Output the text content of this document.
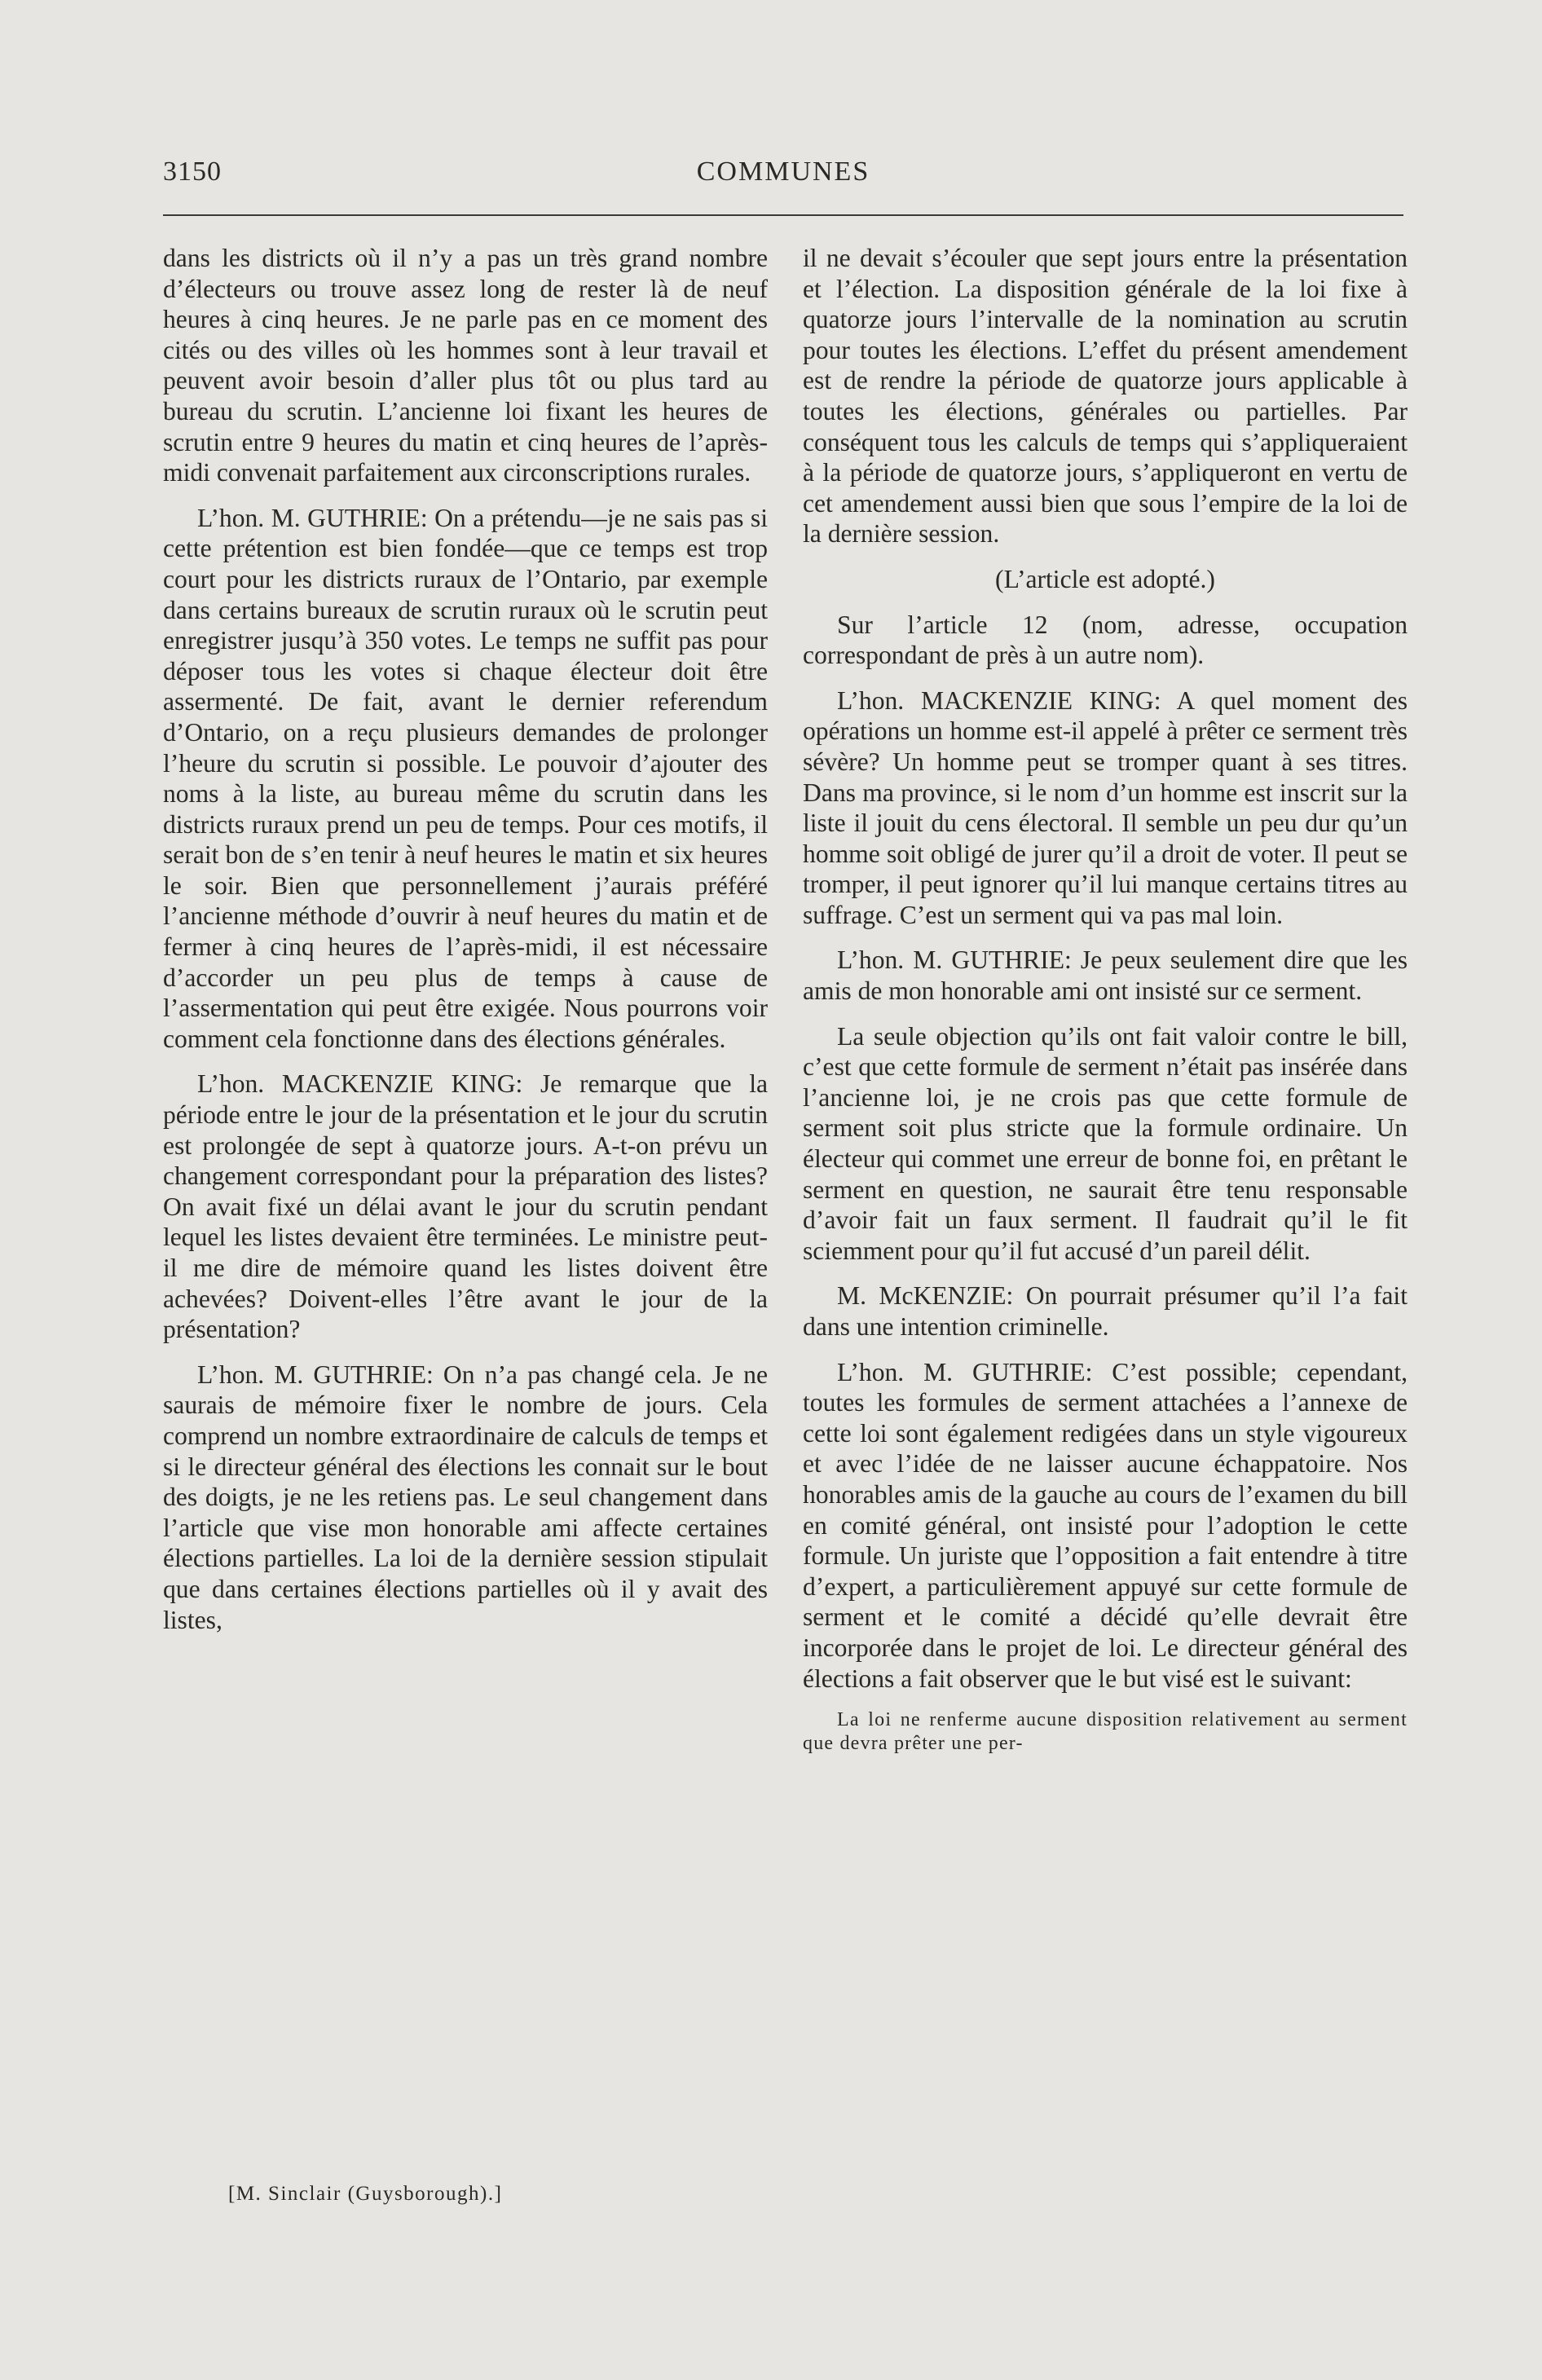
3150	COMMUNES

dans les districts où il n’y a pas un très grand nombre d’électeurs ou trouve assez long de rester là de neuf heures à cinq heures. Je ne parle pas en ce moment des cités ou des villes où les hommes sont à leur travail et peuvent avoir besoin d’aller plus tôt ou plus tard au bureau du scrutin. L’ancienne loi fixant les heures de scrutin entre 9 heures du matin et cinq heures de l’après-midi convenait parfaitement aux circonscriptions rurales.

L’hon. M. GUTHRIE: On a prétendu—je ne sais pas si cette prétention est bien fondée—que ce temps est trop court pour les districts ruraux de l’Ontario, par exemple dans certains bureaux de scrutin ruraux où le scrutin peut enregistrer jusqu’à 350 votes. Le temps ne suffit pas pour déposer tous les votes si chaque électeur doit être assermenté. De fait, avant le dernier referendum d’Ontario, on a reçu plusieurs demandes de prolonger l’heure du scrutin si possible. Le pouvoir d’ajouter des noms à la liste, au bureau même du scrutin dans les districts ruraux prend un peu de temps. Pour ces motifs, il serait bon de s’en tenir à neuf heures le matin et six heures le soir. Bien que personnellement j’aurais préféré l’ancienne méthode d’ouvrir à neuf heures du matin et de fermer à cinq heures de l’après-midi, il est nécessaire d’accorder un peu plus de temps à cause de l’assermentation qui peut être exigée. Nous pourrons voir comment cela fonctionne dans des élections générales.

L’hon. MACKENZIE KING: Je remarque que la période entre le jour de la présentation et le jour du scrutin est prolongée de sept à quatorze jours. A-t-on prévu un changement correspondant pour la préparation des listes? On avait fixé un délai avant le jour du scrutin pendant lequel les listes devaient être terminées. Le ministre peut-il me dire de mémoire quand les listes doivent être achevées? Doivent-elles l’être avant le jour de la présentation?

L’hon. M. GUTHRIE: On n’a pas changé cela. Je ne saurais de mémoire fixer le nombre de jours. Cela comprend un nombre extraordinaire de calculs de temps et si le directeur général des élections les connait sur le bout des doigts, je ne les retiens pas. Le seul changement dans l’article que vise mon honorable ami affecte certaines élections partielles. La loi de la dernière session stipulait que dans certaines élections partielles où il y avait des listes,

il ne devait s’écouler que sept jours entre la présentation et l’élection. La disposition générale de la loi fixe à quatorze jours l’intervalle de la nomination au scrutin pour toutes les élections. L’effet du présent amendement est de rendre la période de quatorze jours applicable à toutes les élections, générales ou partielles. Par conséquent tous les calculs de temps qui s’appliqueraient à la période de quatorze jours, s’appliqueront en vertu de cet amendement aussi bien que sous l’empire de la loi de la dernière session.

(L’article est adopté.)

Sur l’article 12 (nom, adresse, occupation correspondant de près à un autre nom).

L’hon. MACKENZIE KING: A quel moment des opérations un homme est-il appelé à prêter ce serment très sévère? Un homme peut se tromper quant à ses titres. Dans ma province, si le nom d’un homme est inscrit sur la liste il jouit du cens électoral. Il semble un peu dur qu’un homme soit obligé de jurer qu’il a droit de voter. Il peut se tromper, il peut ignorer qu’il lui manque certains titres au suffrage. C’est un serment qui va pas mal loin.

L’hon. M. GUTHRIE: Je peux seulement dire que les amis de mon honorable ami ont insisté sur ce serment.

La seule objection qu’ils ont fait valoir contre le bill, c’est que cette formule de serment n’était pas insérée dans l’ancienne loi, je ne crois pas que cette formule de serment soit plus stricte que la formule ordinaire. Un électeur qui commet une erreur de bonne foi, en prêtant le serment en question, ne saurait être tenu responsable d’avoir fait un faux serment. Il faudrait qu’il le fit sciemment pour qu’il fut accusé d’un pareil délit.

M. McKENZIE: On pourrait présumer qu’il l’a fait dans une intention criminelle.

L’hon. M. GUTHRIE: C’est possible; cependant, toutes les formules de serment attachées a l’annexe de cette loi sont également redigées dans un style vigoureux et avec l’idée de ne laisser aucune échappatoire. Nos honorables amis de la gauche au cours de l’examen du bill en comité général, ont insisté pour l’adoption le cette formule. Un juriste que l’opposition a fait entendre à titre d’expert, a particulièrement appuyé sur cette formule de serment et le comité a décidé qu’elle devrait être incorporée dans le projet de loi. Le directeur général des élections a fait observer que le but visé est le suivant:

La loi ne renferme aucune disposition relativement au serment que devra prêter une per-

[M. Sinclair (Guysborough).]
